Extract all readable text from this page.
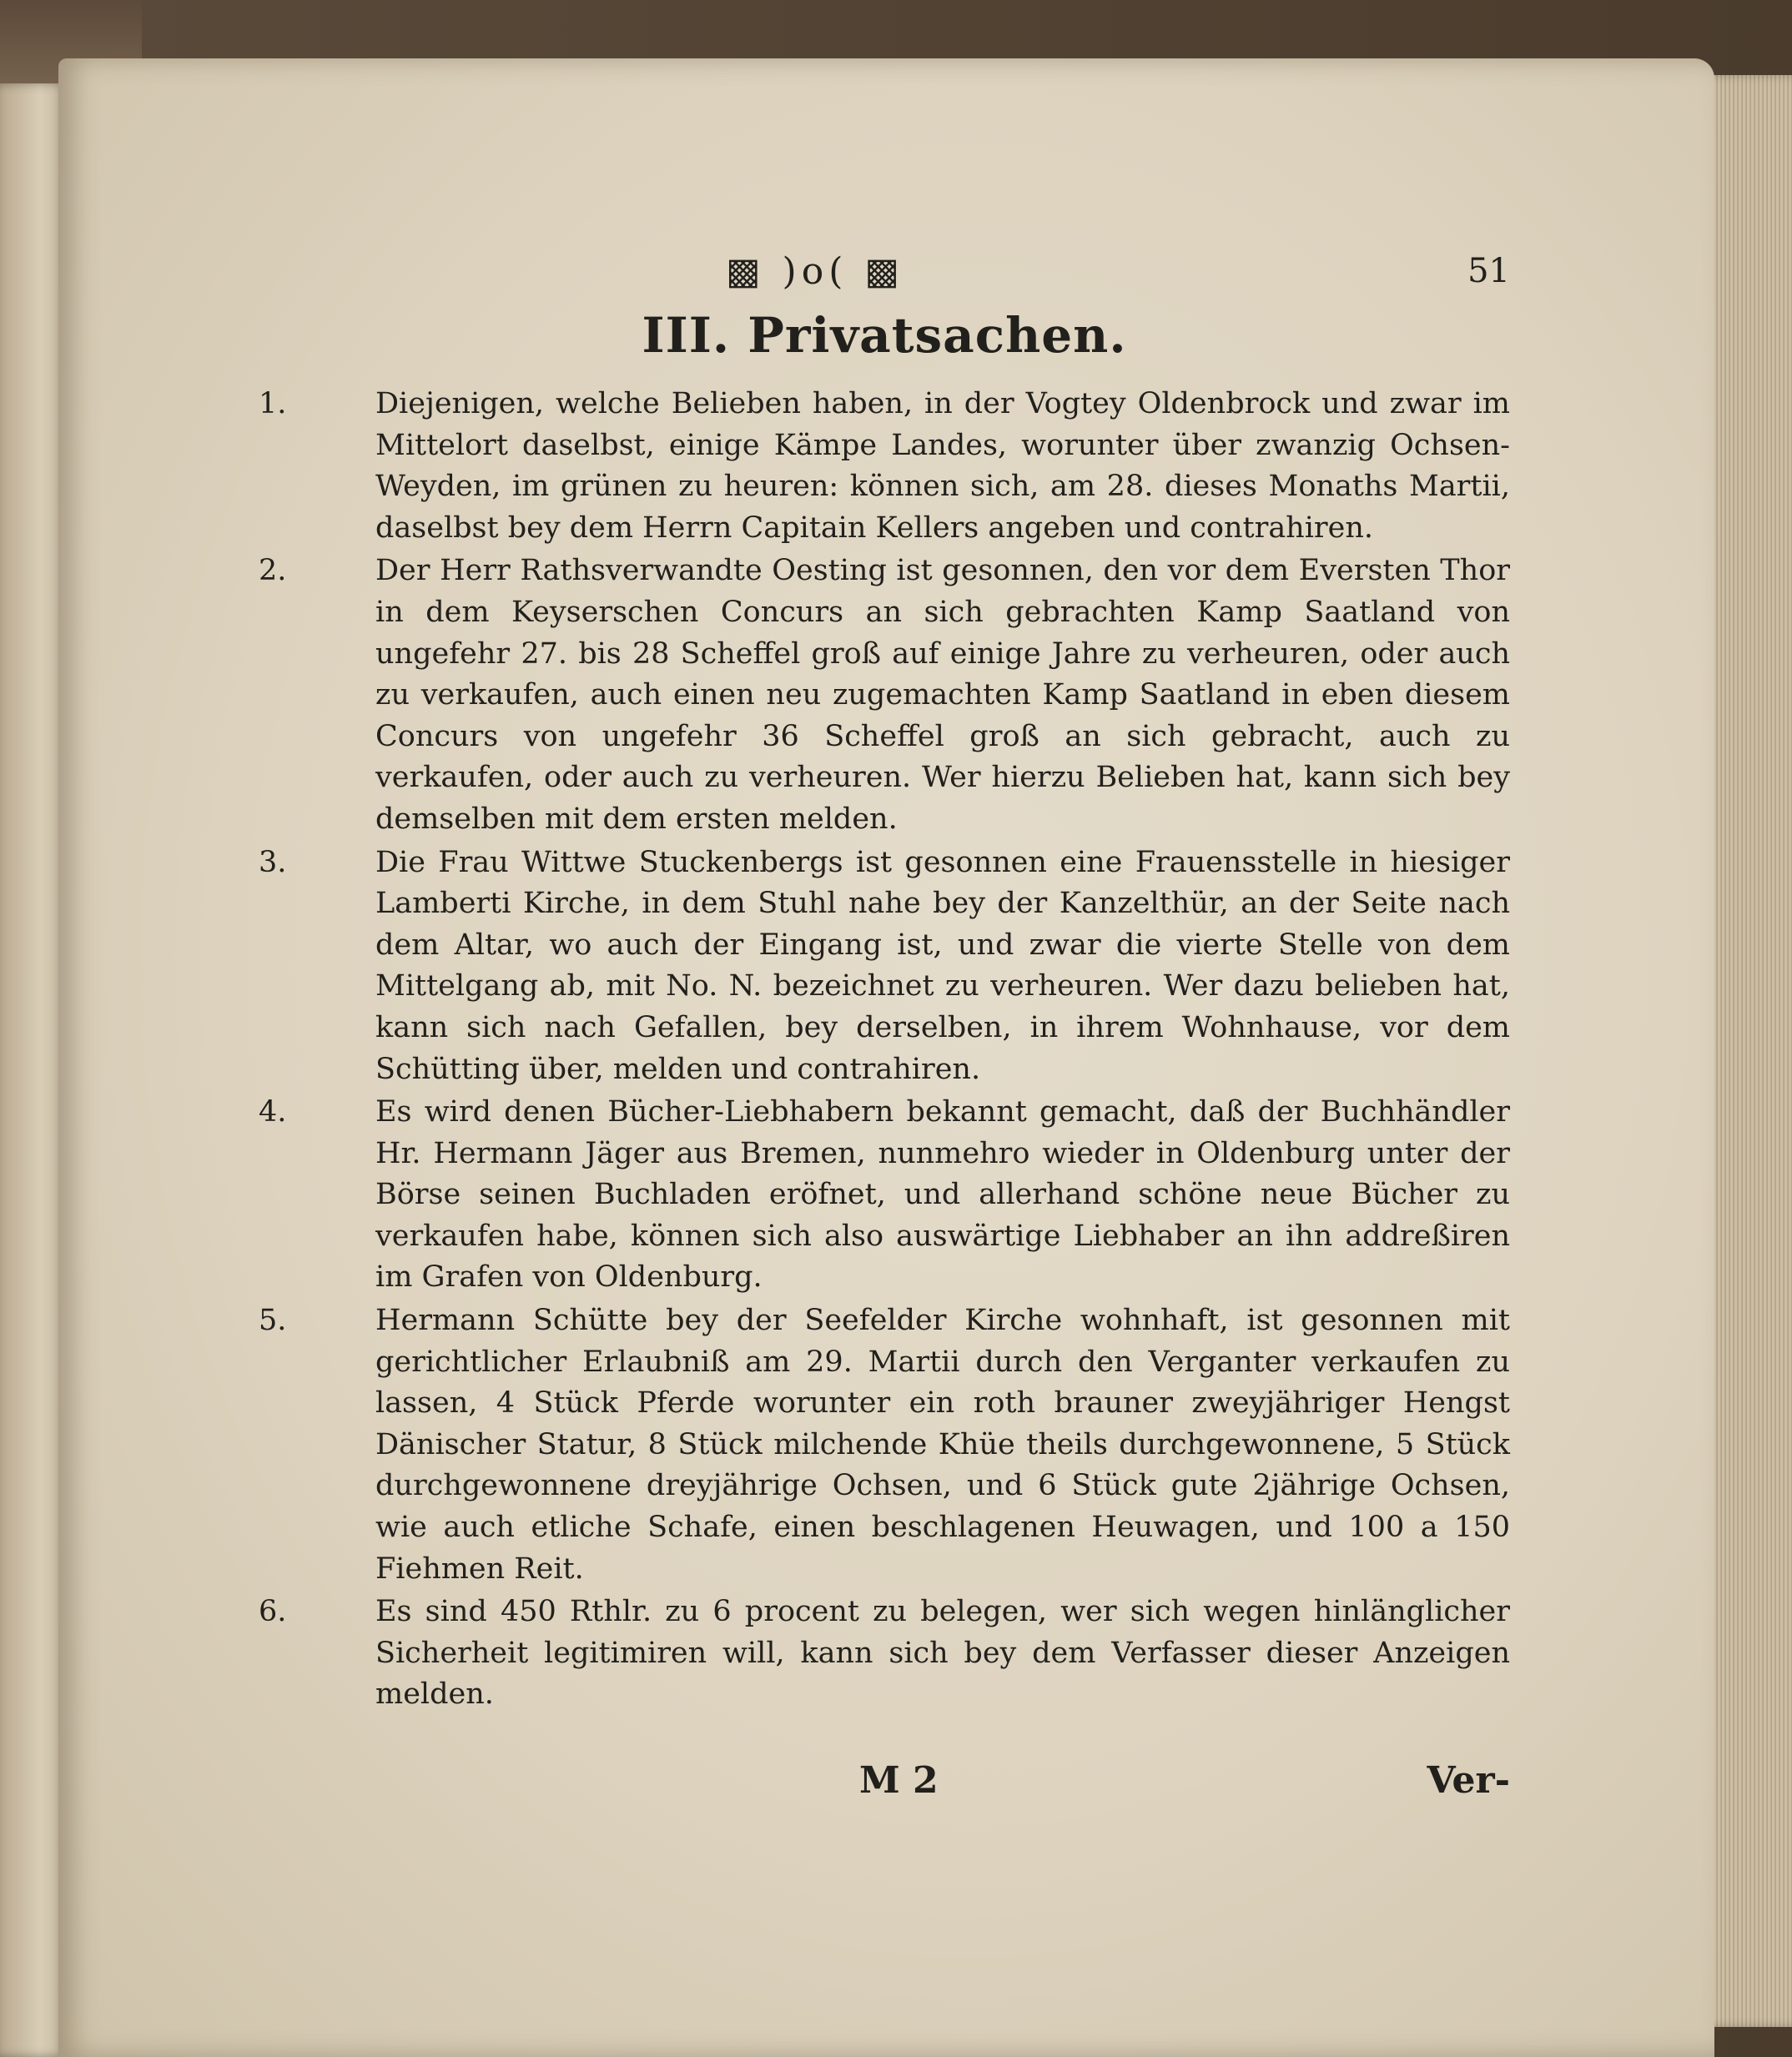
▩ )o( ▩	51
III. Privatsachen.
1.	Diejenigen, welche Belieben haben, in der Vogtey Oldenbrock und zwar im Mittelort daselbst, einige Kämpe Landes, worunter über zwanzig Ochsen-Weyden, im grünen zu heuren: können sich, am 28. dieses Monaths Martii, daselbst bey dem Herrn Capitain Kellers angeben und contrahiren.
2.	Der Herr Rathsverwandte Oesting ist gesonnen, den vor dem Eversten Thor in dem Keyserschen Concurs an sich gebrachten Kamp Saatland von ungefehr 27. bis 28 Scheffel groß auf einige Jahre zu verheuren, oder auch zu verkaufen, auch einen neu zugemachten Kamp Saatland in eben diesem Concurs von ungefehr 36 Scheffel groß an sich gebracht, auch zu verkaufen, oder auch zu verheuren. Wer hierzu Belieben hat, kann sich bey demselben mit dem ersten melden.
3.	Die Frau Wittwe Stuckenbergs ist gesonnen eine Frauensstelle in hiesiger Lamberti Kirche, in dem Stuhl nahe bey der Kanzelthür, an der Seite nach dem Altar, wo auch der Eingang ist, und zwar die vierte Stelle von dem Mittelgang ab, mit No. N. bezeichnet zu verheuren. Wer dazu belieben hat, kann sich nach Gefallen, bey derselben, in ihrem Wohnhause, vor dem Schütting über, melden und contrahiren.
4.	Es wird denen Bücher-Liebhabern bekannt gemacht, daß der Buchhändler Hr. Hermann Jäger aus Bremen, nunmehro wieder in Oldenburg unter der Börse seinen Buchladen eröfnet, und allerhand schöne neue Bücher zu verkaufen habe, können sich also auswärtige Liebhaber an ihn addreßiren im Grafen von Oldenburg.
5.	Hermann Schütte bey der Seefelder Kirche wohnhaft, ist gesonnen mit gerichtlicher Erlaubniß am 29. Martii durch den Verganter verkaufen zu lassen, 4 Stück Pferde worunter ein roth brauner zweyjähriger Hengst Dänischer Statur, 8 Stück milchende Khüe theils durchgewonnene, 5 Stück durchgewonnene dreyjährige Ochsen, und 6 Stück gute 2jährige Ochsen, wie auch etliche Schafe, einen beschlagenen Heuwagen, und 100 a 150 Fiehmen Reit.
6.	Es sind 450 Rthlr. zu 6 procent zu belegen, wer sich wegen hinlänglicher Sicherheit legitimiren will, kann sich bey dem Verfasser dieser Anzeigen melden.
M 2	Ver-
